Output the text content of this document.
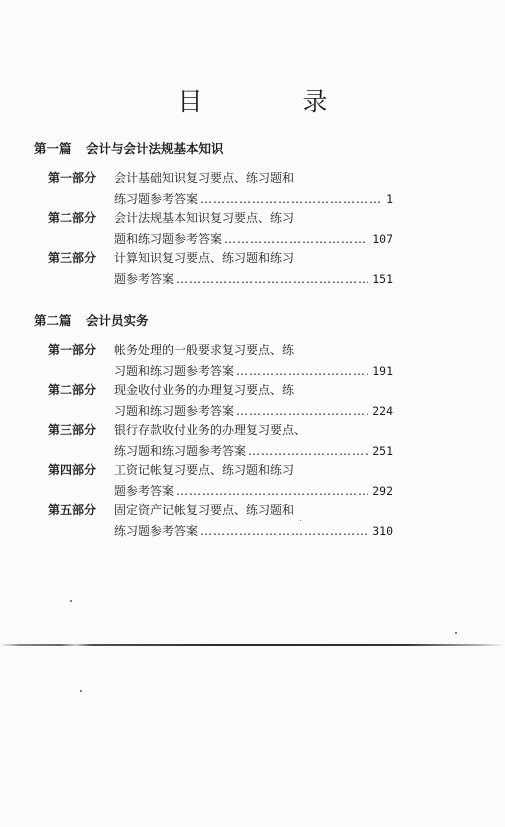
目 录
第一篇 会计与会计法规基本知识
第一部分 会计基础知识复习要点、练习题和
练习题参考答案 ………………………………………………………………………………………………………………	1
第二部分 会计法规基本知识复习要点、练习
题和练习题参考答案 ………………………………………………………………………………………………………………	107
第三部分 计算知识复习要点、练习题和练习
题参考答案 ………………………………………………………………………………………………………………	151
第二篇 会计员实务
第一部分 帐务处理的一般要求复习要点、练
习题和练习题参考答案 ………………………………………………………………………………………………………………	191
第二部分 现金收付业务的办理复习要点、练
习题和练习题参考答案 ………………………………………………………………………………………………………………	224
第三部分 银行存款收付业务的办理复习要点、
练习题和练习题参考答案 ………………………………………………………………………………………………………………	251
第四部分 工资记帐复习要点、练习题和练习
题参考答案 ………………………………………………………………………………………………………………	292
第五部分 固定资产记帐复习要点、练习题和
练习题参考答案 ………………………………………………………………………………………………………………	310
